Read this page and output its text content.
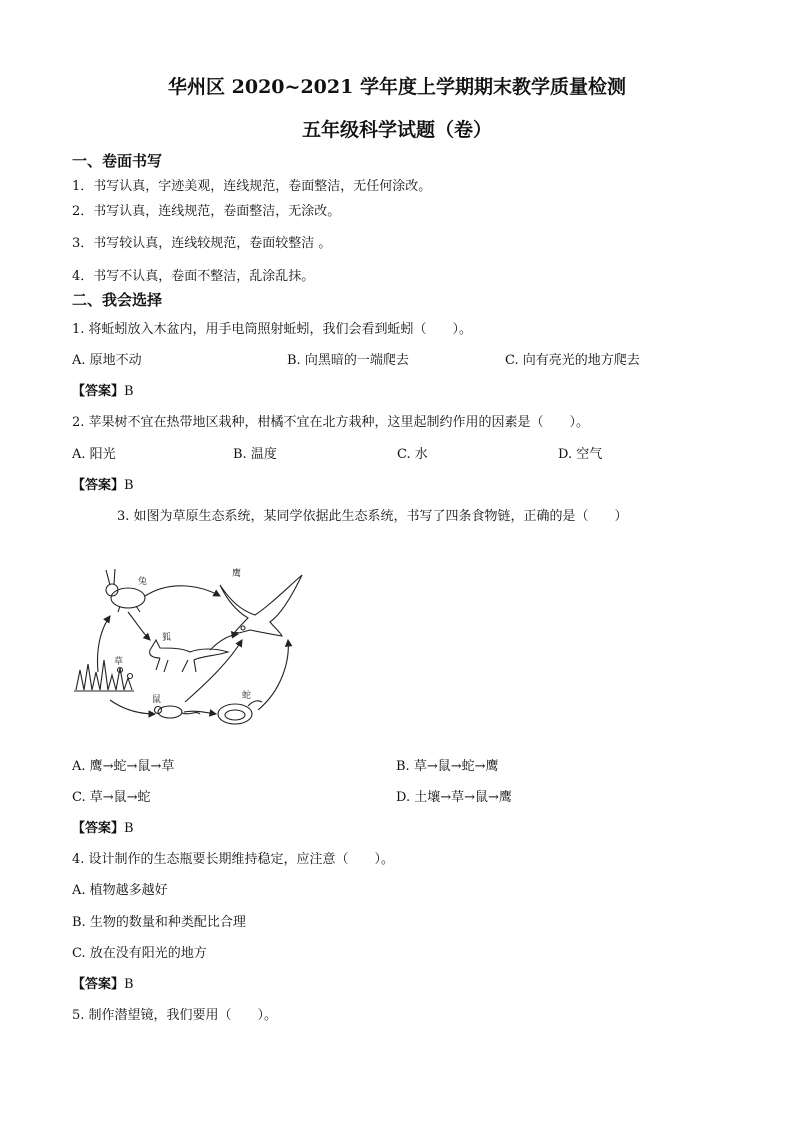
华州区 2020~2021 学年度上学期期末教学质量检测
五年级科学试题（卷）
一、卷面书写
1．书写认真，字迹美观，连线规范，卷面整洁，无任何涂改。
2．书写认真，连线规范，卷面整洁，无涂改。
3．书写较认真，连线较规范，卷面较整洁 。
4．书写不认真，卷面不整洁，乱涂乱抹。
二、我会选择
1. 将蚯蚓放入木盆内，用手电筒照射蚯蚓，我们会看到蚯蚓（　　）。
A. 原地不动	B. 向黑暗的一端爬去	C. 向有亮光的地方爬去
【答案】B
2. 苹果树不宜在热带地区栽种，柑橘不宜在北方栽种，这里起制约作用的因素是（　　）。
A. 阳光	B. 温度	C. 水	D. 空气
【答案】B
3. 如图为草原生态系统，某同学依据此生态系统，书写了四条食物链，正确的是（　　）
兔
鹰
狐
草
鼠	蛇
A. 鹰→蛇→鼠→草	B. 草→鼠→蛇→鹰
C. 草→鼠→蛇	D. 土壤→草→鼠→鹰
【答案】B
4. 设计制作的生态瓶要长期维持稳定，应注意（　　）。
A. 植物越多越好
B. 生物的数量和种类配比合理
C. 放在没有阳光的地方
【答案】B
5. 制作潜望镜，我们要用（　　）。
